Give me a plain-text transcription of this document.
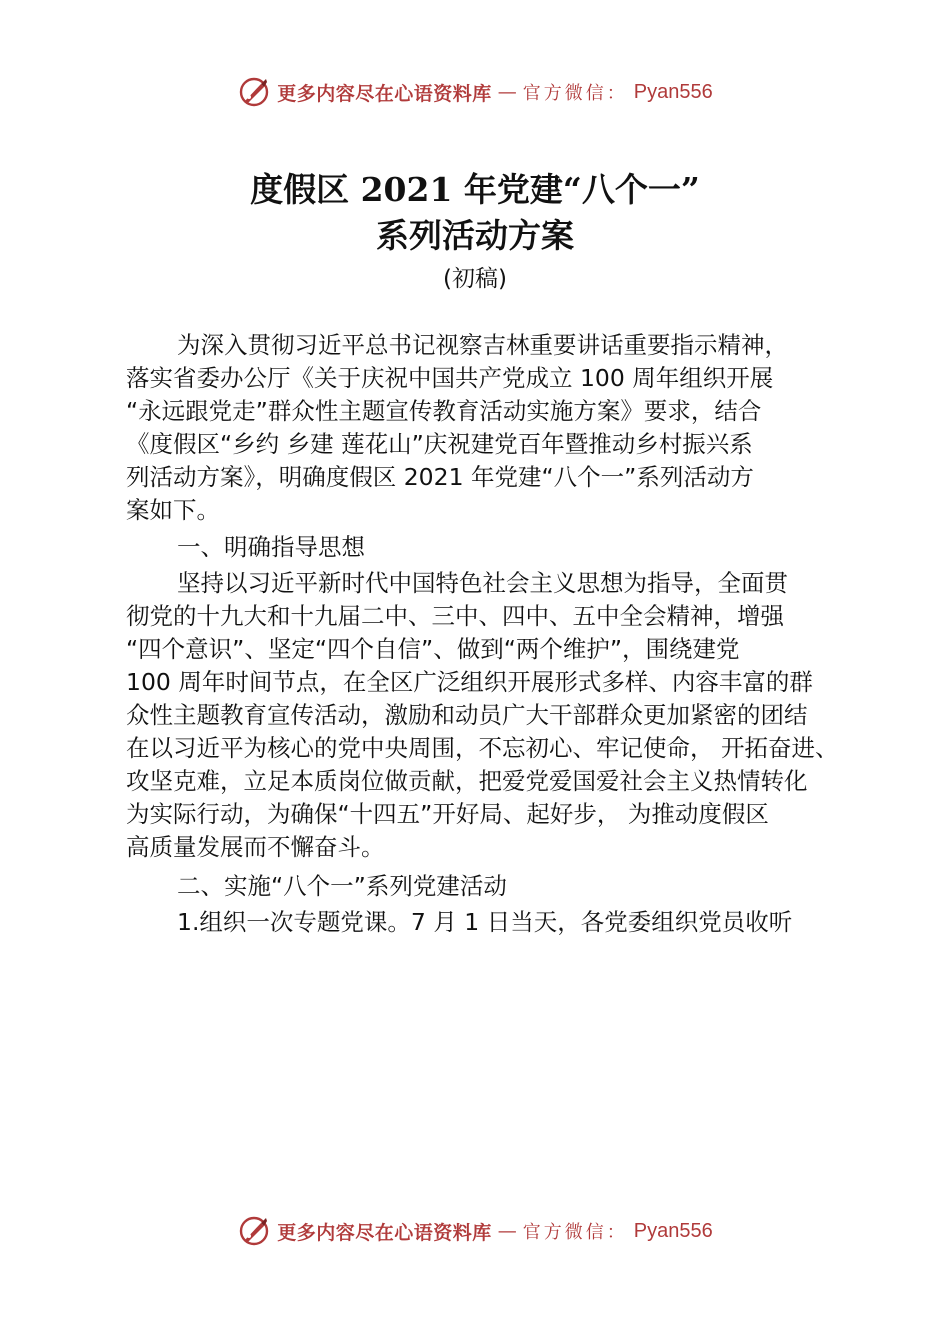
更多内容尽在心语资料库 — 官方微信： Pyan556
度假区 2021 年党建“八个一”
系列活动方案
(初稿)
为深入贯彻习近平总书记视察吉林重要讲话重要指示精神，
落实省委办公厅《关于庆祝中国共产党成立 100 周年组织开展
“永远跟党走”群众性主题宣传教育活动实施方案》要求，结合
《度假区“乡约 乡建 莲花山”庆祝建党百年暨推动乡村振兴系
列活动方案》，明确度假区 2021 年党建“八个一”系列活动方
案如下。
一、明确指导思想
坚持以习近平新时代中国特色社会主义思想为指导，全面贯
彻党的十九大和十九届二中、三中、四中、五中全会精神，增强
“四个意识”、坚定“四个自信”、做到“两个维护”，围绕建党
100 周年时间节点，在全区广泛组织开展形式多样、内容丰富的群
众性主题教育宣传活动，激励和动员广大干部群众更加紧密的团结
在以习近平为核心的党中央周围，不忘初心、牢记使命， 开拓奋进、
攻坚克难，立足本质岗位做贡献，把爱党爱国爱社会主义热情转化
为实际行动，为确保“十四五”开好局、起好步， 为推动度假区
高质量发展而不懈奋斗。
二、实施“八个一”系列党建活动
1.组织一次专题党课。7 月 1 日当天，各党委组织党员收听
更多内容尽在心语资料库 — 官方微信： Pyan556
